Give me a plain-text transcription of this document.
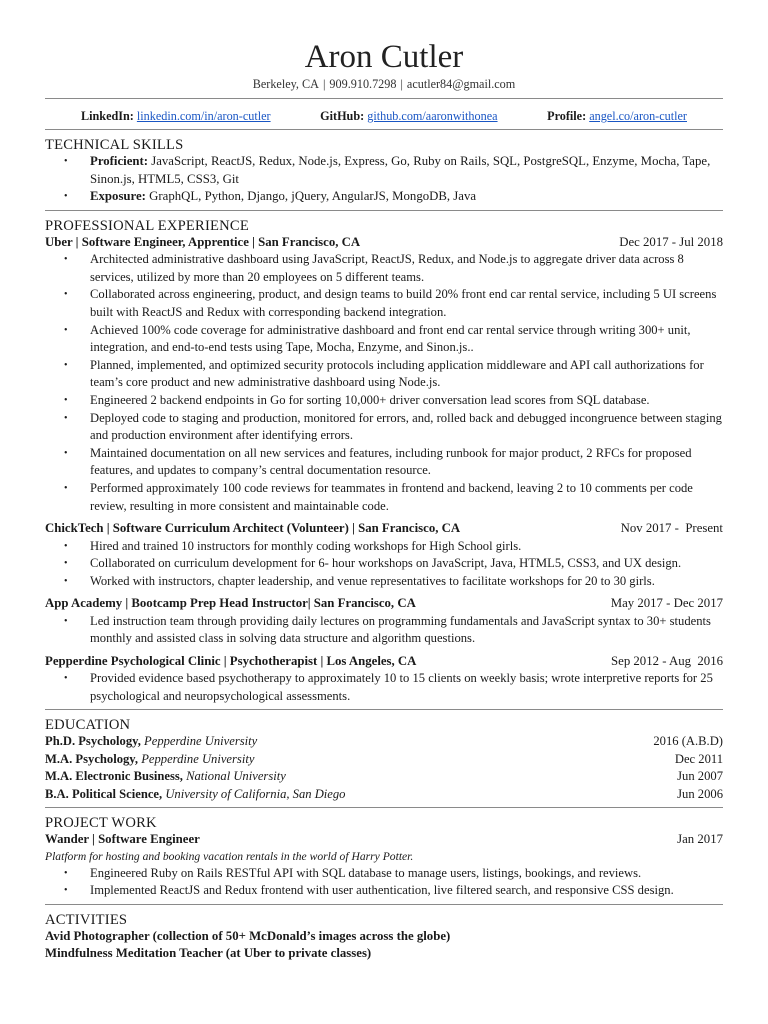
Aron Cutler
Berkeley, CA | 909.910.7298 | acutler84@gmail.com
LinkedIn: linkedin.com/in/aron-cutler	GitHub: github.com/aaronwithonea	Profile: angel.co/aron-cutler
TECHNICAL SKILLS
• Proficient: JavaScript, ReactJS, Redux, Node.js, Express, Go, Ruby on Rails, SQL, PostgreSQL, Enzyme, Mocha, Tape, Sinon.js, HTML5, CSS3, Git
• Exposure: GraphQL, Python, Django, jQuery, AngularJS, MongoDB, Java
PROFESSIONAL EXPERIENCE
Uber | Software Engineer, Apprentice | San Francisco, CA	Dec 2017 - Jul 2018
• Architected administrative dashboard using JavaScript, ReactJS, Redux, and Node.js to aggregate driver data across 8 services, utilized by more than 20 employees on 5 different teams.
• Collaborated across engineering, product, and design teams to build 20% front end car rental service, including 5 UI screens built with ReactJS and Redux with corresponding backend integration.
• Achieved 100% code coverage for administrative dashboard and front end car rental service through writing 300+ unit, integration, and end-to-end tests using Tape, Mocha, Enzyme, and Sinon.js..
• Planned, implemented, and optimized security protocols including application middleware and API call authorizations for team’s core product and new administrative dashboard using Node.js.
• Engineered 2 backend endpoints in Go for sorting 10,000+ driver conversation lead scores from SQL database.
• Deployed code to staging and production, monitored for errors, and, rolled back and debugged incongruence between staging and production environment after identifying errors.
• Maintained documentation on all new services and features, including runbook for major product, 2 RFCs for proposed features, and updates to company’s central documentation resource.
• Performed approximately 100 code reviews for teammates in frontend and backend, leaving 2 to 10 comments per code review, resulting in more consistent and maintainable code.
ChickTech | Software Curriculum Architect (Volunteer) | San Francisco, CA	Nov 2017 -  Present
• Hired and trained 10 instructors for monthly coding workshops for High School girls.
• Collaborated on curriculum development for 6- hour workshops on JavaScript, Java, HTML5, CSS3, and UX design.
• Worked with instructors, chapter leadership, and venue representatives to facilitate workshops for 20 to 30 girls.
App Academy | Bootcamp Prep Head Instructor| San Francisco, CA	May 2017 - Dec 2017
• Led instruction team through providing daily lectures on programming fundamentals and JavaScript syntax to 30+ students monthly and assisted class in solving data structure and algorithm questions.
Pepperdine Psychological Clinic | Psychotherapist | Los Angeles, CA	Sep 2012 - Aug  2016
• Provided evidence based psychotherapy to approximately 10 to 15 clients on weekly basis; wrote interpretive reports for 25 psychological and neuropsychological assessments.
EDUCATION
Ph.D. Psychology, Pepperdine University	2016 (A.B.D)
M.A. Psychology, Pepperdine University	Dec 2011
M.A. Electronic Business, National University	Jun 2007
B.A. Political Science, University of California, San Diego	Jun 2006
PROJECT WORK
Wander | Software Engineer	Jan 2017
Platform for hosting and booking vacation rentals in the world of Harry Potter.
• Engineered Ruby on Rails RESTful API with SQL database to manage users, listings, bookings, and reviews.
• Implemented ReactJS and Redux frontend with user authentication, live filtered search, and responsive CSS design.
ACTIVITIES
Avid Photographer (collection of 50+ McDonald’s images across the globe)
Mindfulness Meditation Teacher (at Uber to private classes)
